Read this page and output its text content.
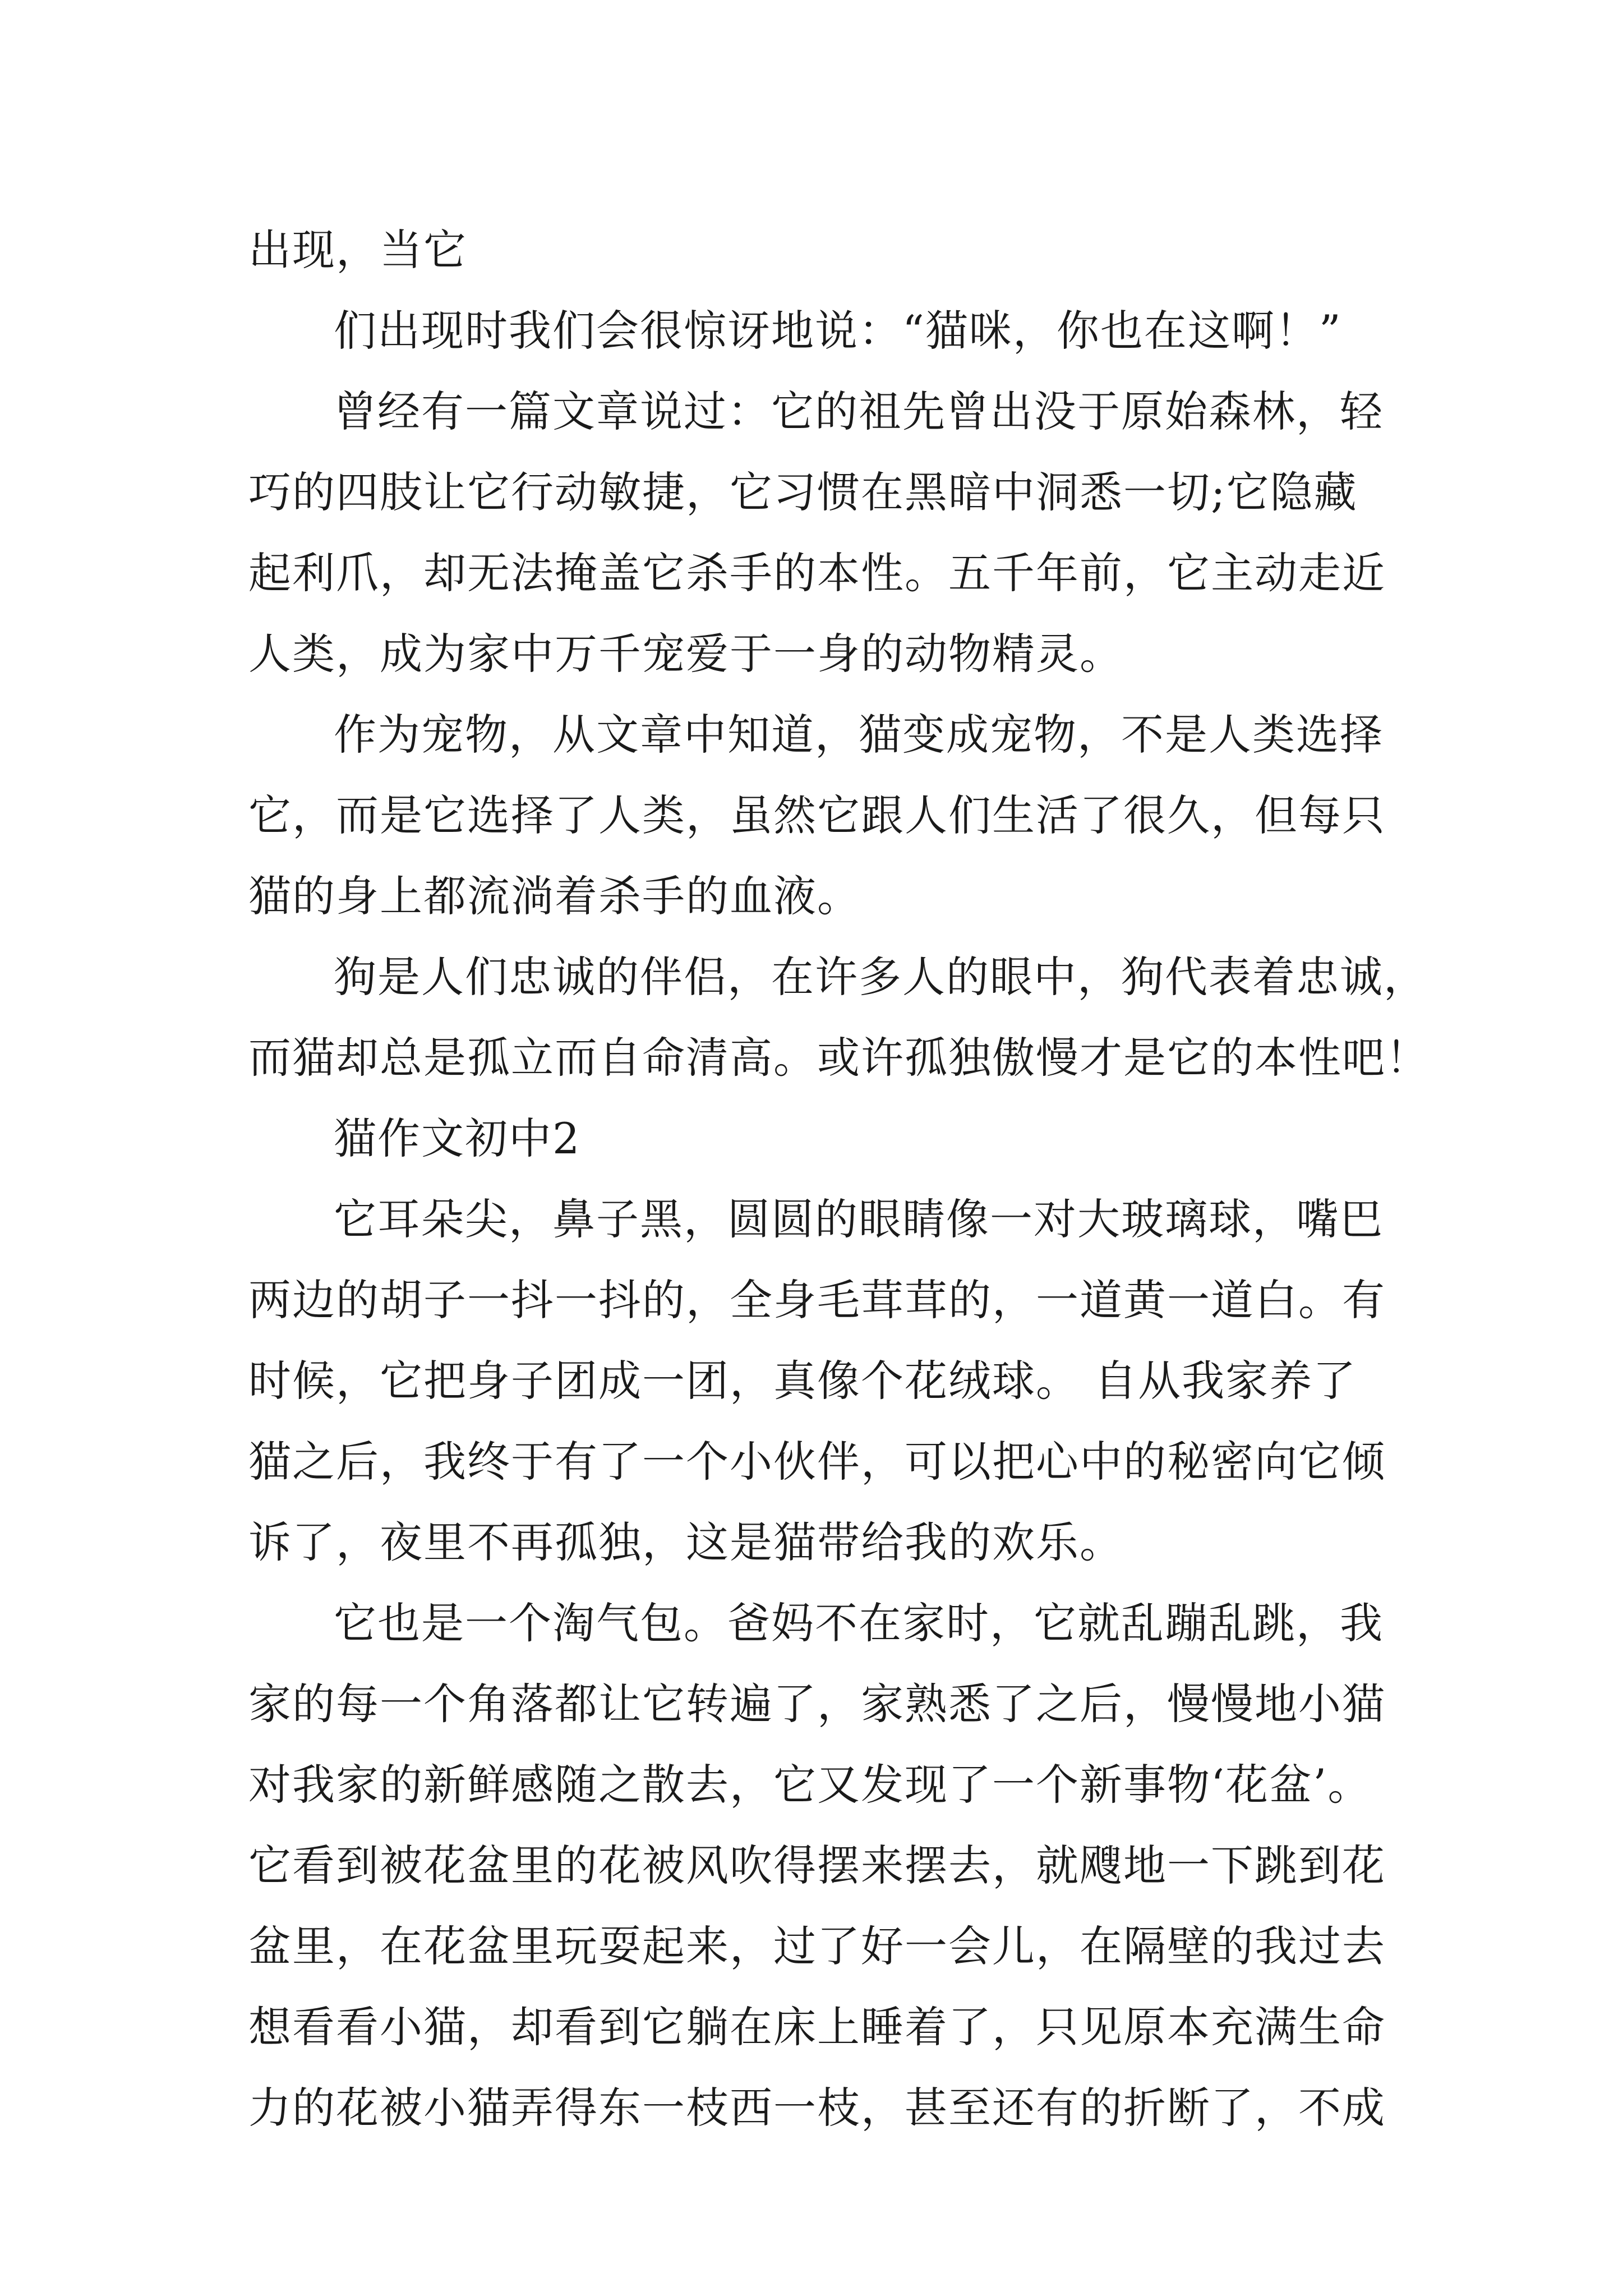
出现，当它
们出现时我们会很惊讶地说：“猫咪，你也在这啊！”
曾经有一篇文章说过：它的祖先曾出没于原始森林，轻
巧的四肢让它行动敏捷，它习惯在黑暗中洞悉一切;它隐藏
起利爪，却无法掩盖它杀手的本性。五千年前，它主动走近
人类，成为家中万千宠爱于一身的动物精灵。
作为宠物，从文章中知道，猫变成宠物，不是人类选择
它，而是它选择了人类，虽然它跟人们生活了很久，但每只
猫的身上都流淌着杀手的血液。
狗是人们忠诚的伴侣，在许多人的眼中，狗代表着忠诚，
而猫却总是孤立而自命清高。或许孤独傲慢才是它的本性吧！
猫作文初中2
它耳朵尖，鼻子黑，圆圆的眼睛像一对大玻璃球，嘴巴
两边的胡子一抖一抖的，全身毛茸茸的，一道黄一道白。有
时候，它把身子团成一团，真像个花绒球。 自从我家养了
猫之后，我终于有了一个小伙伴，可以把心中的秘密向它倾
诉了，夜里不再孤独，这是猫带给我的欢乐。
它也是一个淘气包。爸妈不在家时，它就乱蹦乱跳，我
家的每一个角落都让它转遍了，家熟悉了之后，慢慢地小猫
对我家的新鲜感随之散去，它又发现了一个新事物‘花盆’。
它看到被花盆里的花被风吹得摆来摆去，就飕地一下跳到花
盆里，在花盆里玩耍起来，过了好一会儿，在隔壁的我过去
想看看小猫，却看到它躺在床上睡着了，只见原本充满生命
力的花被小猫弄得东一枝西一枝，甚至还有的折断了，不成
